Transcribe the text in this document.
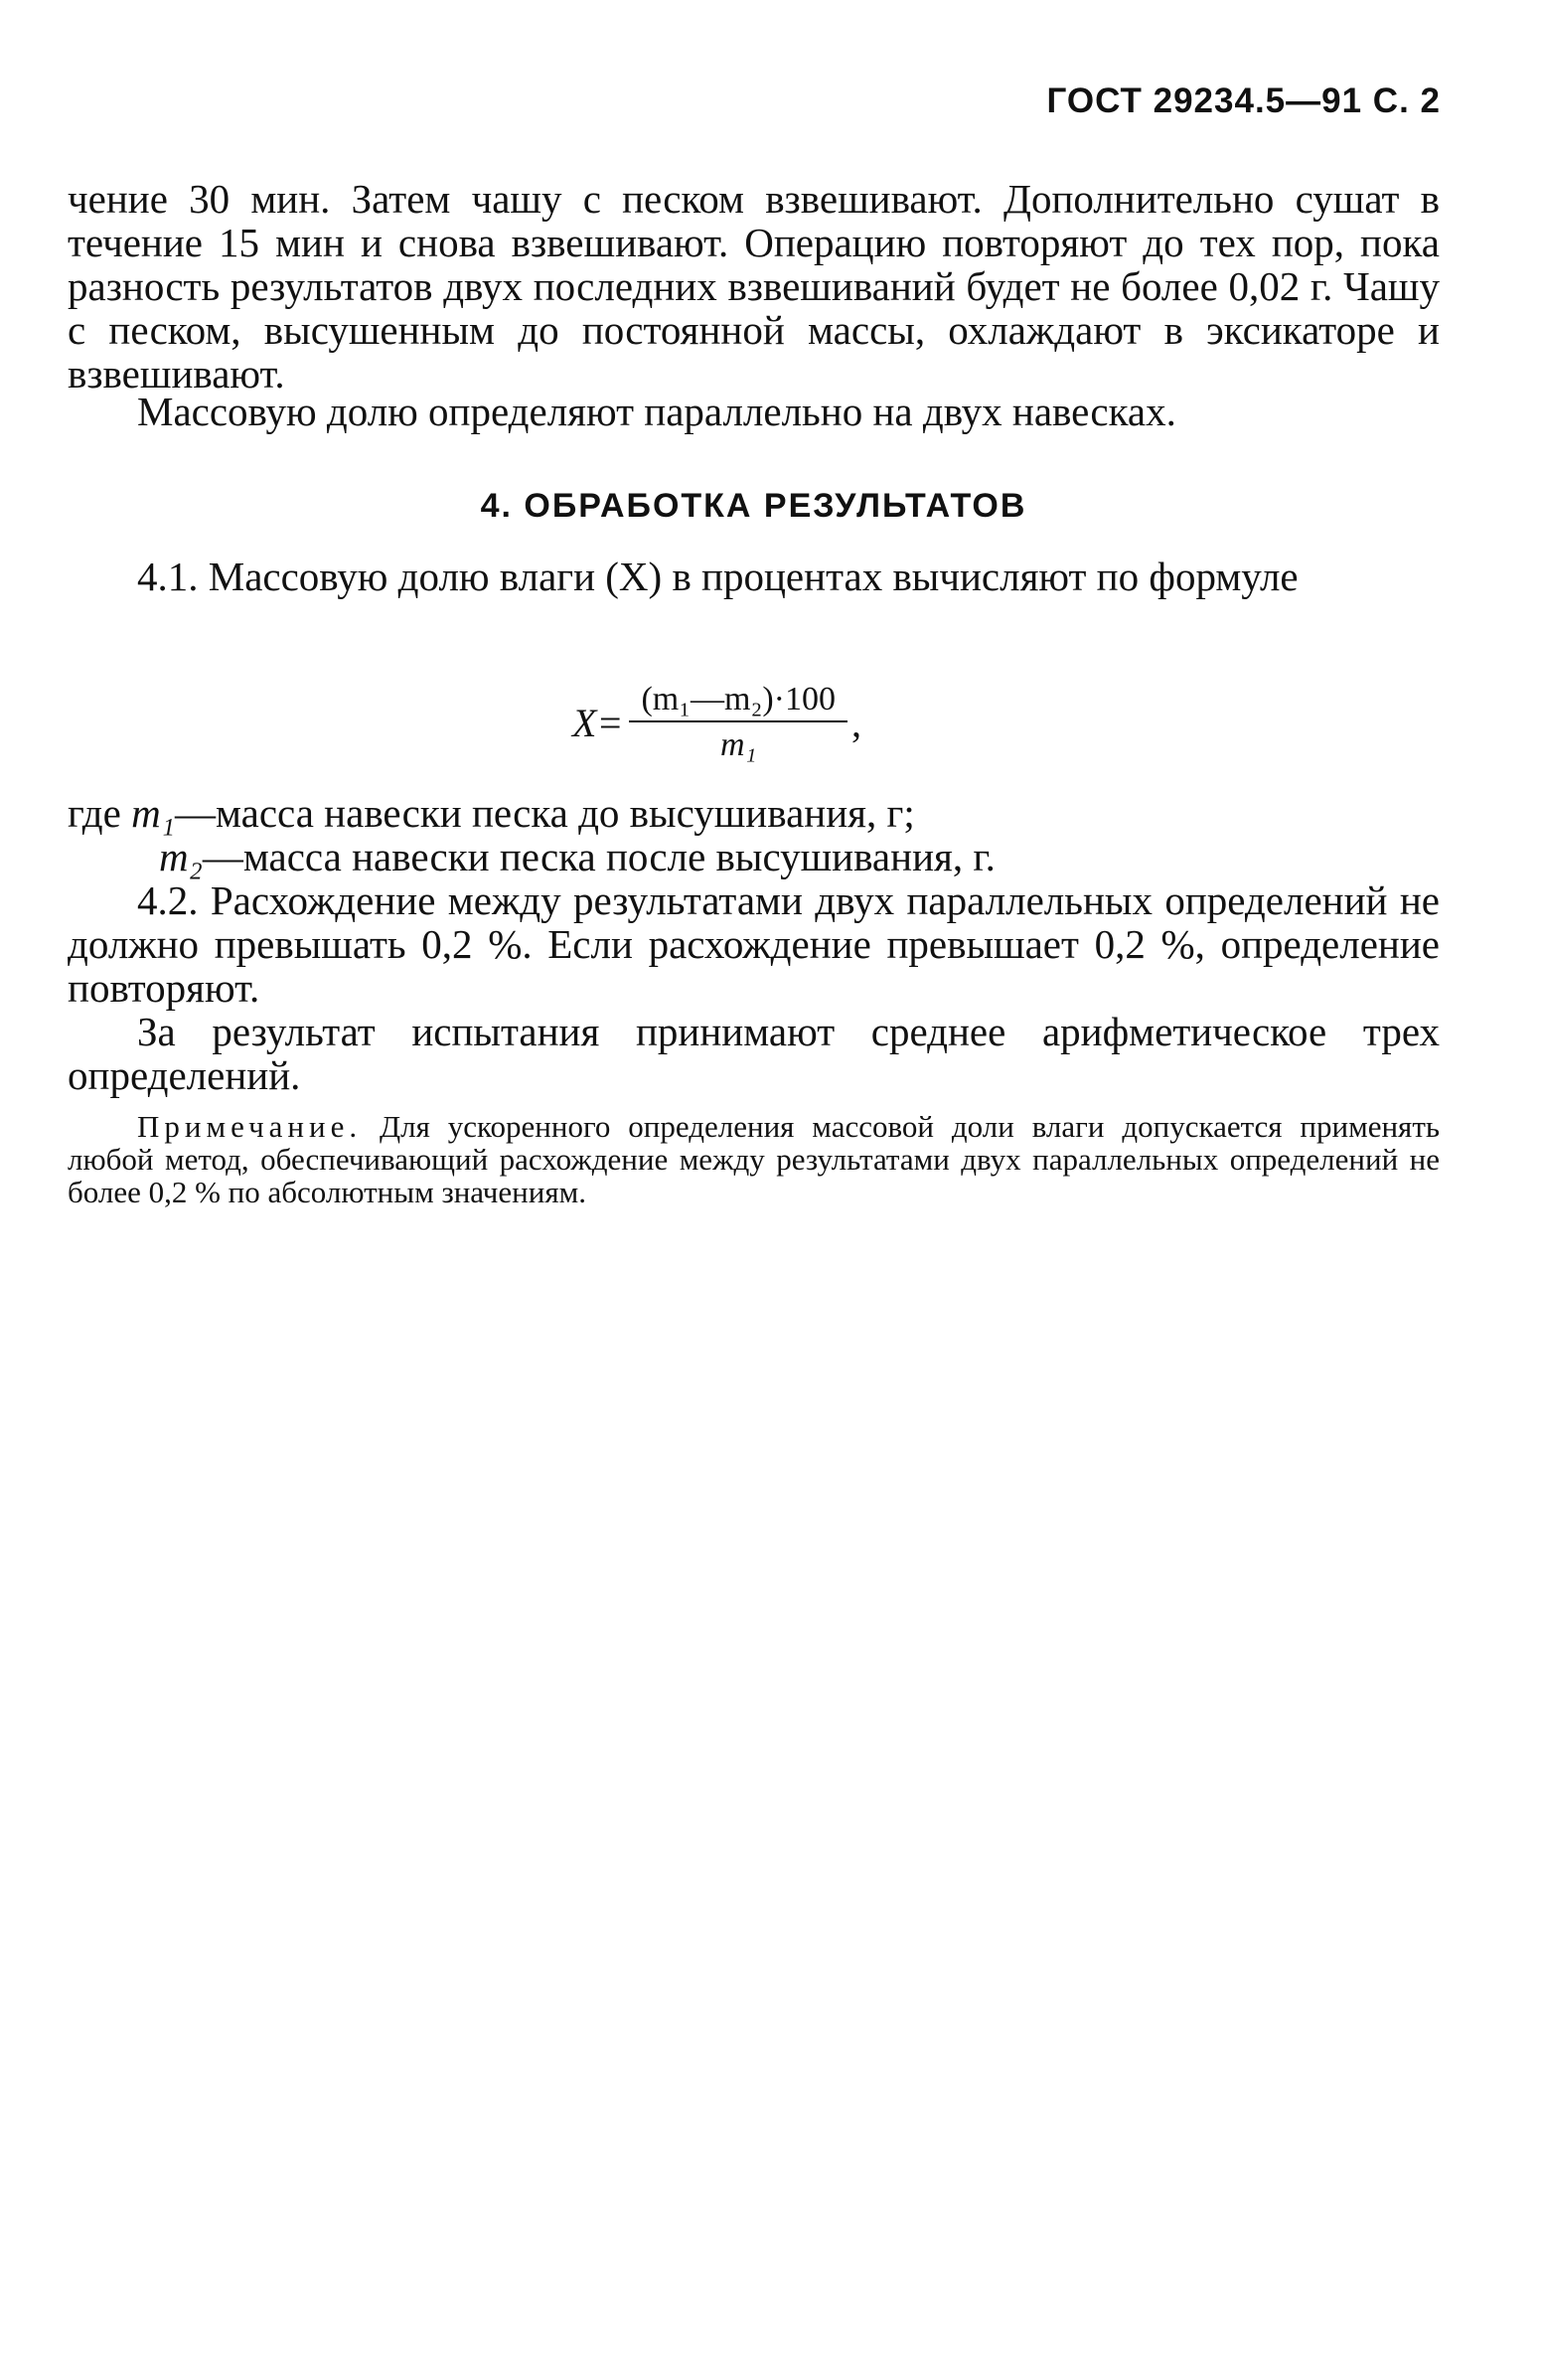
ГОСТ 29234.5—91 С. 2

чение 30 мин. Затем чашу с песком взвешивают. Дополнительно сушат в течение 15 мин и снова взвешивают. Операцию повторяют до тех пор, пока разность результатов двух последних взвешиваний будет не более 0,02 г. Чашу с песком, высушенным до постоянной массы, охлаждают в эксикаторе и взвешивают.

Массовую долю определяют параллельно на двух навесках.

4. ОБРАБОТКА РЕЗУЛЬТАТОВ

4.1. Массовую долю влаги (X) в процентах вычисляют по формуле

$X= \frac{\text{(m₁—m₂)·100}}{\text{m₁}}$ ,
где m₁—масса навески песка до высушивания, г;
m₂—масса навески песка после высушивания, г.

4.2. Расхождение между результатами двух параллельных определений не должно превышать 0,2 %. Если расхождение превышает 0,2 %, определение повторяют.

За результат испытания принимают среднее арифметическое трех определений.

Примечание. Для ускоренного определения массовой доли влаги допускается применять любой метод, обеспечивающий расхождение между результатами двух параллельных определений не более 0,2 % по абсолютным значениям.
